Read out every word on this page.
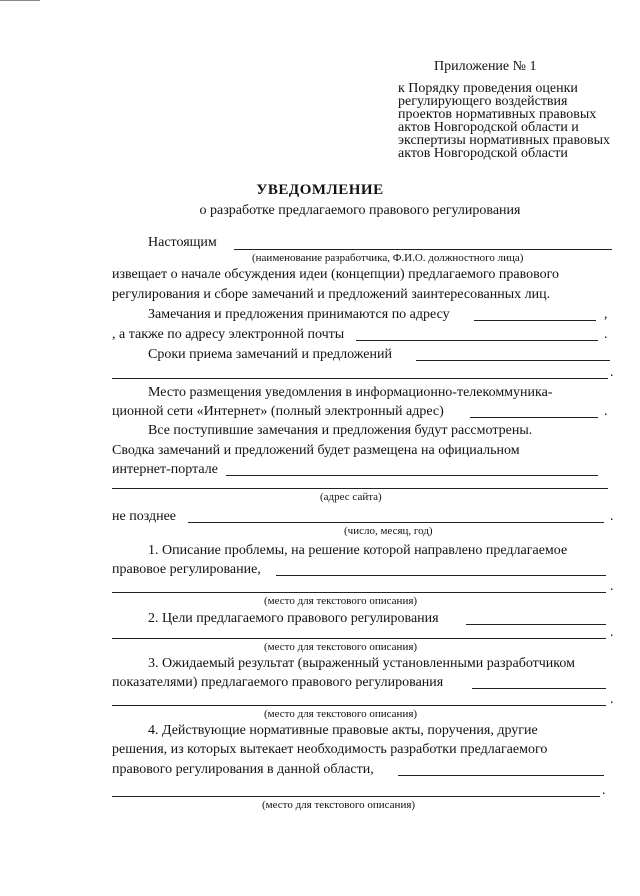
Приложение № 1
к Порядку проведения оценки
регулирующего воздействия
проектов нормативных правовых
актов Новгородской области и
экспертизы нормативных правовых
актов Новгородской области
УВЕДОМЛЕНИЕ
о разработке предлагаемого правового регулирования
Настоящим
(наименование разработчика, Ф.И.О. должностного лица)
извещает о начале обсуждения идеи (концепции) предлагаемого правового
регулирования и сборе замечаний и предложений заинтересованных лиц.
Замечания и предложения принимаются по адресу	,
, а также по адресу электронной почты	.
Сроки приема замечаний и предложений
.
Место размещения уведомления в информационно-телекоммуника-
ционной сети «Интернет» (полный электронный адрес)	.
Все поступившие замечания и предложения будут рассмотрены.
Сводка замечаний и предложений будет размещена на официальном
интернет-портале
(адрес сайта)
не позднее	.
(число, месяц, год)
1. Описание проблемы, на решение которой направлено предлагаемое
правовое регулирование,
.
(место для текстового описания)
2. Цели предлагаемого правового регулирования
.
(место для текстового описания)
3. Ожидаемый результат (выраженный установленными разработчиком
показателями) предлагаемого правового регулирования
.
(место для текстового описания)
4. Действующие нормативные правовые акты, поручения, другие
решения, из которых вытекает необходимость разработки предлагаемого
правового регулирования в данной области,
.
(место для текстового описания)
